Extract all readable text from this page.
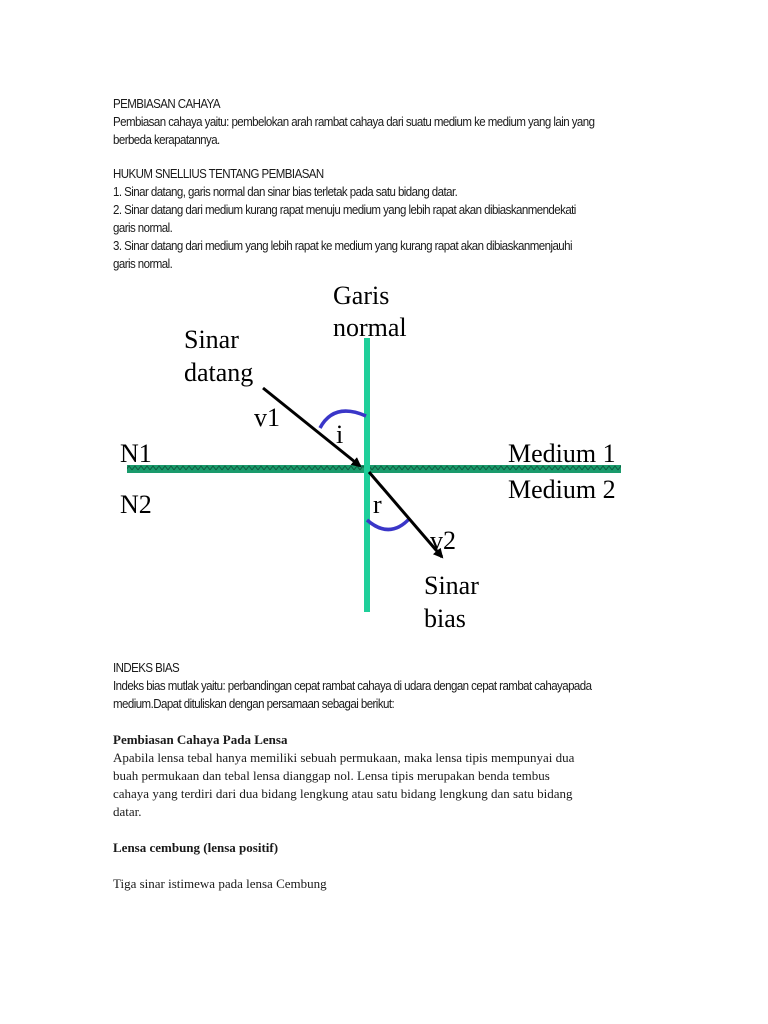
PEMBIASAN CAHAYA
Pembiasan cahaya yaitu: pembelokan arah rambat cahaya dari suatu medium ke medium yang lain yang
berbeda kerapatannya.
HUKUM SNELLIUS TENTANG PEMBIASAN
1. Sinar datang, garis normal dan sinar bias terletak pada satu bidang datar.
2. Sinar datang dari medium kurang rapat menuju medium yang lebih rapat akan dibiaskanmendekati
garis normal.
3. Sinar datang dari medium yang lebih rapat ke medium yang kurang rapat akan dibiaskanmenjauhi
garis normal.
Garis
normal
Sinar
datang
v1
i
N1
N2
Medium 1
Medium 2
r
v2
Sinar
bias
INDEKS BIAS
Indeks bias mutlak yaitu: perbandingan cepat rambat cahaya di udara dengan cepat rambat cahayapada
medium.Dapat dituliskan dengan persamaan sebagai berikut:
Pembiasan Cahaya Pada Lensa
Apabila lensa tebal hanya memiliki sebuah permukaan, maka lensa tipis mempunyai dua
buah permukaan dan tebal lensa dianggap nol. Lensa tipis merupakan benda tembus
cahaya yang terdiri dari dua bidang lengkung atau satu bidang lengkung dan satu bidang
datar.
Lensa cembung (lensa positif)
Tiga sinar istimewa pada lensa Cembung
